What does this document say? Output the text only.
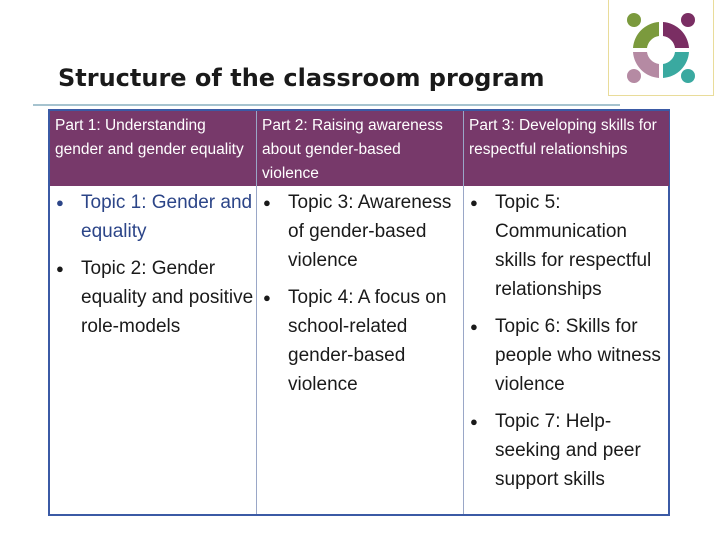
Structure of the classroom program
Part 1: Understanding gender and gender equality
● Topic 1: Gender and equality
● Topic 2: Gender equality and positive role-models
Part 2: Raising awareness about gender-based violence
● Topic 3: Awareness of gender-based violence
● Topic 4: A focus on school-related gender-based violence
Part 3: Developing skills for respectful relationships
● Topic 5: Communication skills for respectful relationships
● Topic 6: Skills for people who witness violence
● Topic 7: Help-seeking and peer support skills
